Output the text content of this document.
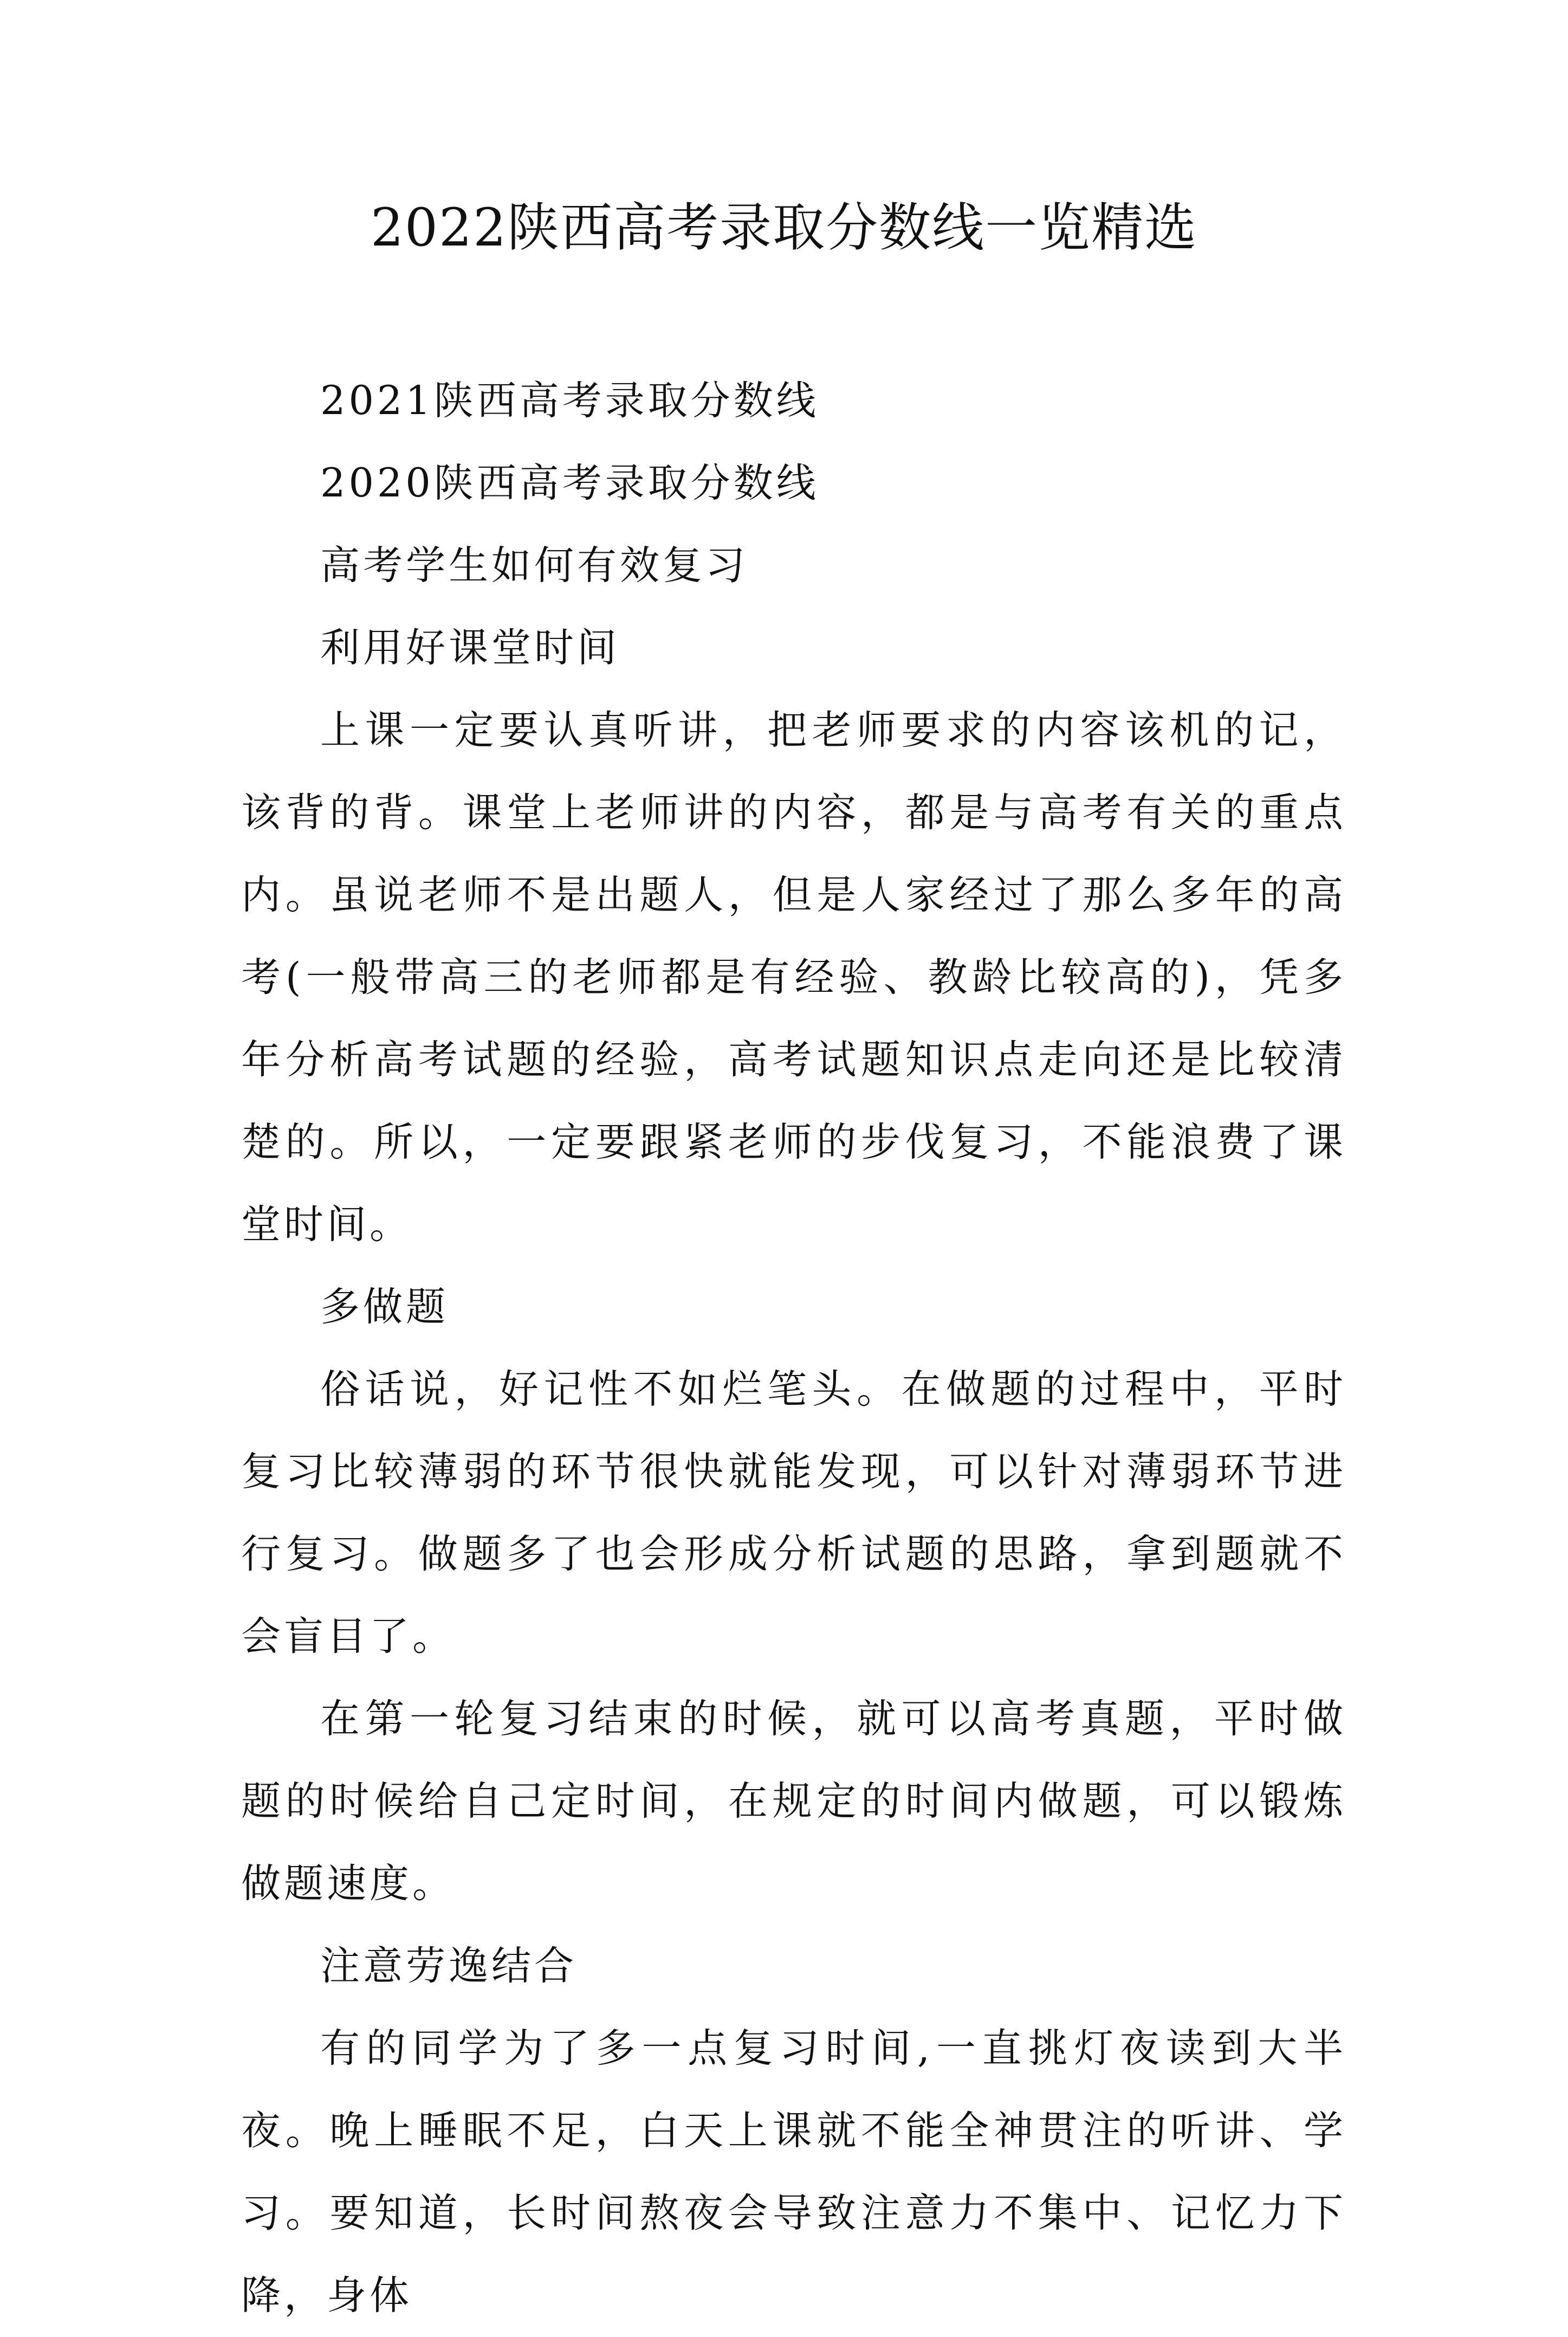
2022陕西高考录取分数线一览精选

2021陕西高考录取分数线

2020陕西高考录取分数线

高考学生如何有效复习

利用好课堂时间

上课一定要认真听讲，把老师要求的内容该机的记，该背的背。课堂上老师讲的内容，都是与高考有关的重点内。虽说老师不是出题人，但是人家经过了那么多年的高考(一般带高三的老师都是有经验、教龄比较高的)，凭多年分析高考试题的经验，高考试题知识点走向还是比较清楚的。所以，一定要跟紧老师的步伐复习，不能浪费了课堂时间。

多做题

俗话说，好记性不如烂笔头。在做题的过程中，平时复习比较薄弱的环节很快就能发现，可以针对薄弱环节进行复习。做题多了也会形成分析试题的思路，拿到题就不会盲目了。

在第一轮复习结束的时候，就可以高考真题，平时做题的时候给自己定时间，在规定的时间内做题，可以锻炼做题速度。

注意劳逸结合

有的同学为了多一点复习时间,一直挑灯夜读到大半夜。晚上睡眠不足，白天上课就不能全神贯注的听讲、学习。要知道，长时间熬夜会导致注意力不集中、记忆力下降，身体
